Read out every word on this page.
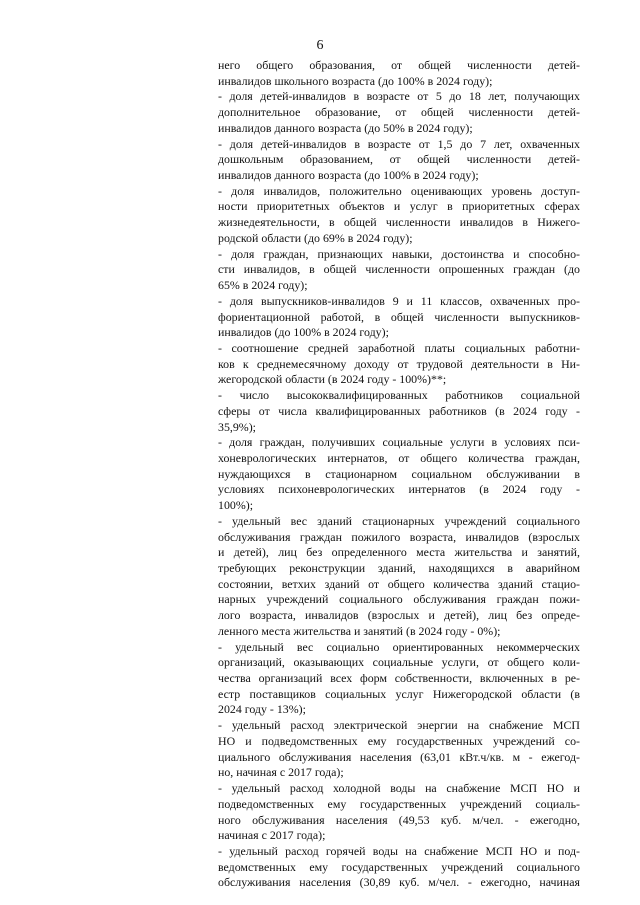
6
него общего образования, от общей численности детей-
инвалидов школьного возраста (до 100% в 2024 году);
- доля детей-инвалидов в возрасте от 5 до 18 лет, получающих
дополнительное образование, от общей численности детей-
инвалидов данного возраста (до 50% в 2024 году);
- доля детей-инвалидов в возрасте от 1,5 до 7 лет, охваченных
дошкольным образованием, от общей численности детей-
инвалидов данного возраста (до 100% в 2024 году);
- доля инвалидов, положительно оценивающих уровень доступ-
ности приоритетных объектов и услуг в приоритетных сферах
жизнедеятельности, в общей численности инвалидов в Нижего-
родской области (до 69% в 2024 году);
- доля граждан, признающих навыки, достоинства и способно-
сти инвалидов, в общей численности опрошенных граждан (до
65% в 2024 году);
- доля выпускников-инвалидов 9 и 11 классов, охваченных про-
фориентационной работой, в общей численности выпускников-
инвалидов (до 100% в 2024 году);
- соотношение средней заработной платы социальных работни-
ков к среднемесячному доходу от трудовой деятельности в Ни-
жегородской области (в 2024 году - 100%)**;
- число высококвалифицированных работников социальной
сферы от числа квалифицированных работников (в 2024 году -
35,9%);
- доля граждан, получивших социальные услуги в условиях пси-
хоневрологических интернатов, от общего количества граждан,
нуждающихся в стационарном социальном обслуживании в
условиях психоневрологических интернатов (в 2024 году -
100%);
- удельный вес зданий стационарных учреждений социального
обслуживания граждан пожилого возраста, инвалидов (взрослых
и детей), лиц без определенного места жительства и занятий,
требующих реконструкции зданий, находящихся в аварийном
состоянии, ветхих зданий от общего количества зданий стацио-
нарных учреждений социального обслуживания граждан пожи-
лого возраста, инвалидов (взрослых и детей), лиц без опреде-
ленного места жительства и занятий (в 2024 году - 0%);
- удельный вес социально ориентированных некоммерческих
организаций, оказывающих социальные услуги, от общего коли-
чества организаций всех форм собственности, включенных в ре-
естр поставщиков социальных услуг Нижегородской области (в
2024 году - 13%);
- удельный расход электрической энергии на снабжение МСП
НО и подведомственных ему государственных учреждений со-
циального обслуживания населения (63,01 кВт.ч/кв. м - ежегод-
но, начиная с 2017 года);
- удельный расход холодной воды на снабжение МСП НО и
подведомственных ему государственных учреждений социаль-
ного обслуживания населения (49,53 куб. м/чел. - ежегодно,
начиная с 2017 года);
- удельный расход горячей воды на снабжение МСП НО и под-
ведомственных ему государственных учреждений социального
обслуживания населения (30,89 куб. м/чел. - ежегодно, начиная
